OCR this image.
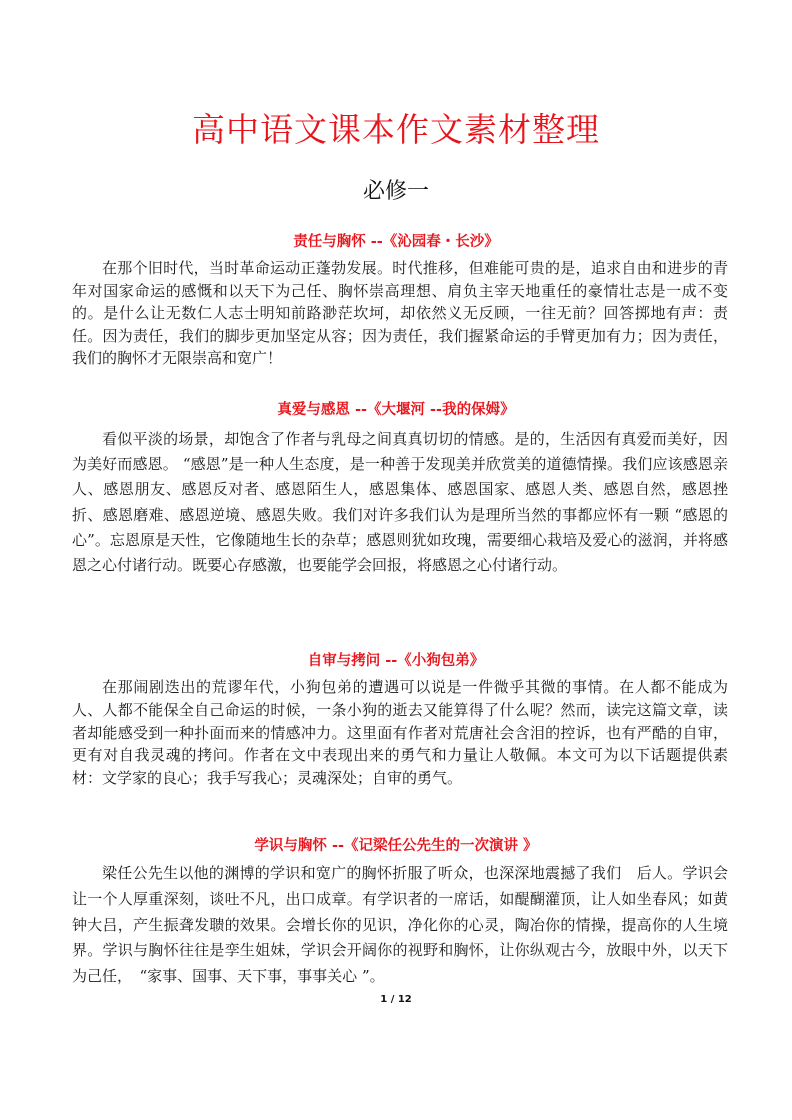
高中语文课本作文素材整理
必修一

责任与胸怀 --《沁园春・长沙》

在那个旧时代，当时革命运动正蓬勃发展。时代推移，但难能可贵的是，追求自由和进步的青年对国家命运的感慨和以天下为己任、胸怀崇高理想、肩负主宰天地重任的豪情壮志是一成不变的。是什么让无数仁人志士明知前路渺茫坎坷，却依然义无反顾，一往无前？回答掷地有声：责任。因为责任，我们的脚步更加坚定从容；因为责任，我们握紧命运的手臂更加有力；因为责任，我们的胸怀才无限崇高和宽广！

真爱与感恩 --《大堰河 --我的保姆》

看似平淡的场景，却饱含了作者与乳母之间真真切切的情感。是的，生活因有真爱而美好，因为美好而感恩。 “感恩”是一种人生态度，是一种善于发现美并欣赏美的道德情操。我们应该感恩亲人、感恩朋友、感恩反对者、感恩陌生人，感恩集体、感恩国家、感恩人类、感恩自然，感恩挫折、感恩磨难、感恩逆境、感恩失败。我们对许多我们认为是理所当然的事都应怀有一颗 “感恩的心”。忘恩原是天性，它像随地生长的杂草；感恩则犹如玫瑰，需要细心栽培及爱心的滋润，并将感恩之心付诸行动。既要心存感激，也要能学会回报，将感恩之心付诸行动。

自审与拷问 --《小狗包弟》

在那闹剧迭出的荒谬年代，小狗包弟的遭遇可以说是一件微乎其微的事情。在人都不能成为人、人都不能保全自己命运的时候，一条小狗的逝去又能算得了什么呢？然而，读完这篇文章，读者却能感受到一种扑面而来的情感冲力。这里面有作者对荒唐社会含泪的控诉，也有严酷的自审，更有对自我灵魂的拷问。作者在文中表现出来的勇气和力量让人敬佩。本文可为以下话题提供素材：文学家的良心；我手写我心；灵魂深处；自审的勇气。

学识与胸怀 --《记梁任公先生的一次演讲 》

梁任公先生以他的渊博的学识和宽广的胸怀折服了听众，也深深地震撼了我们　后人。学识会让一个人厚重深刻，谈吐不凡，出口成章。有学识者的一席话，如醍醐灌顶，让人如坐春风；如黄钟大吕，产生振聋发聩的效果。会增长你的见识，净化你的心灵，陶冶你的情操，提高你的人生境界。学识与胸怀往往是孪生姐妹，学识会开阔你的视野和胸怀，让你纵观古今，放眼中外，以天下为己任，　“家事、国事、天下事，事事关心 ”。

1 / 12
